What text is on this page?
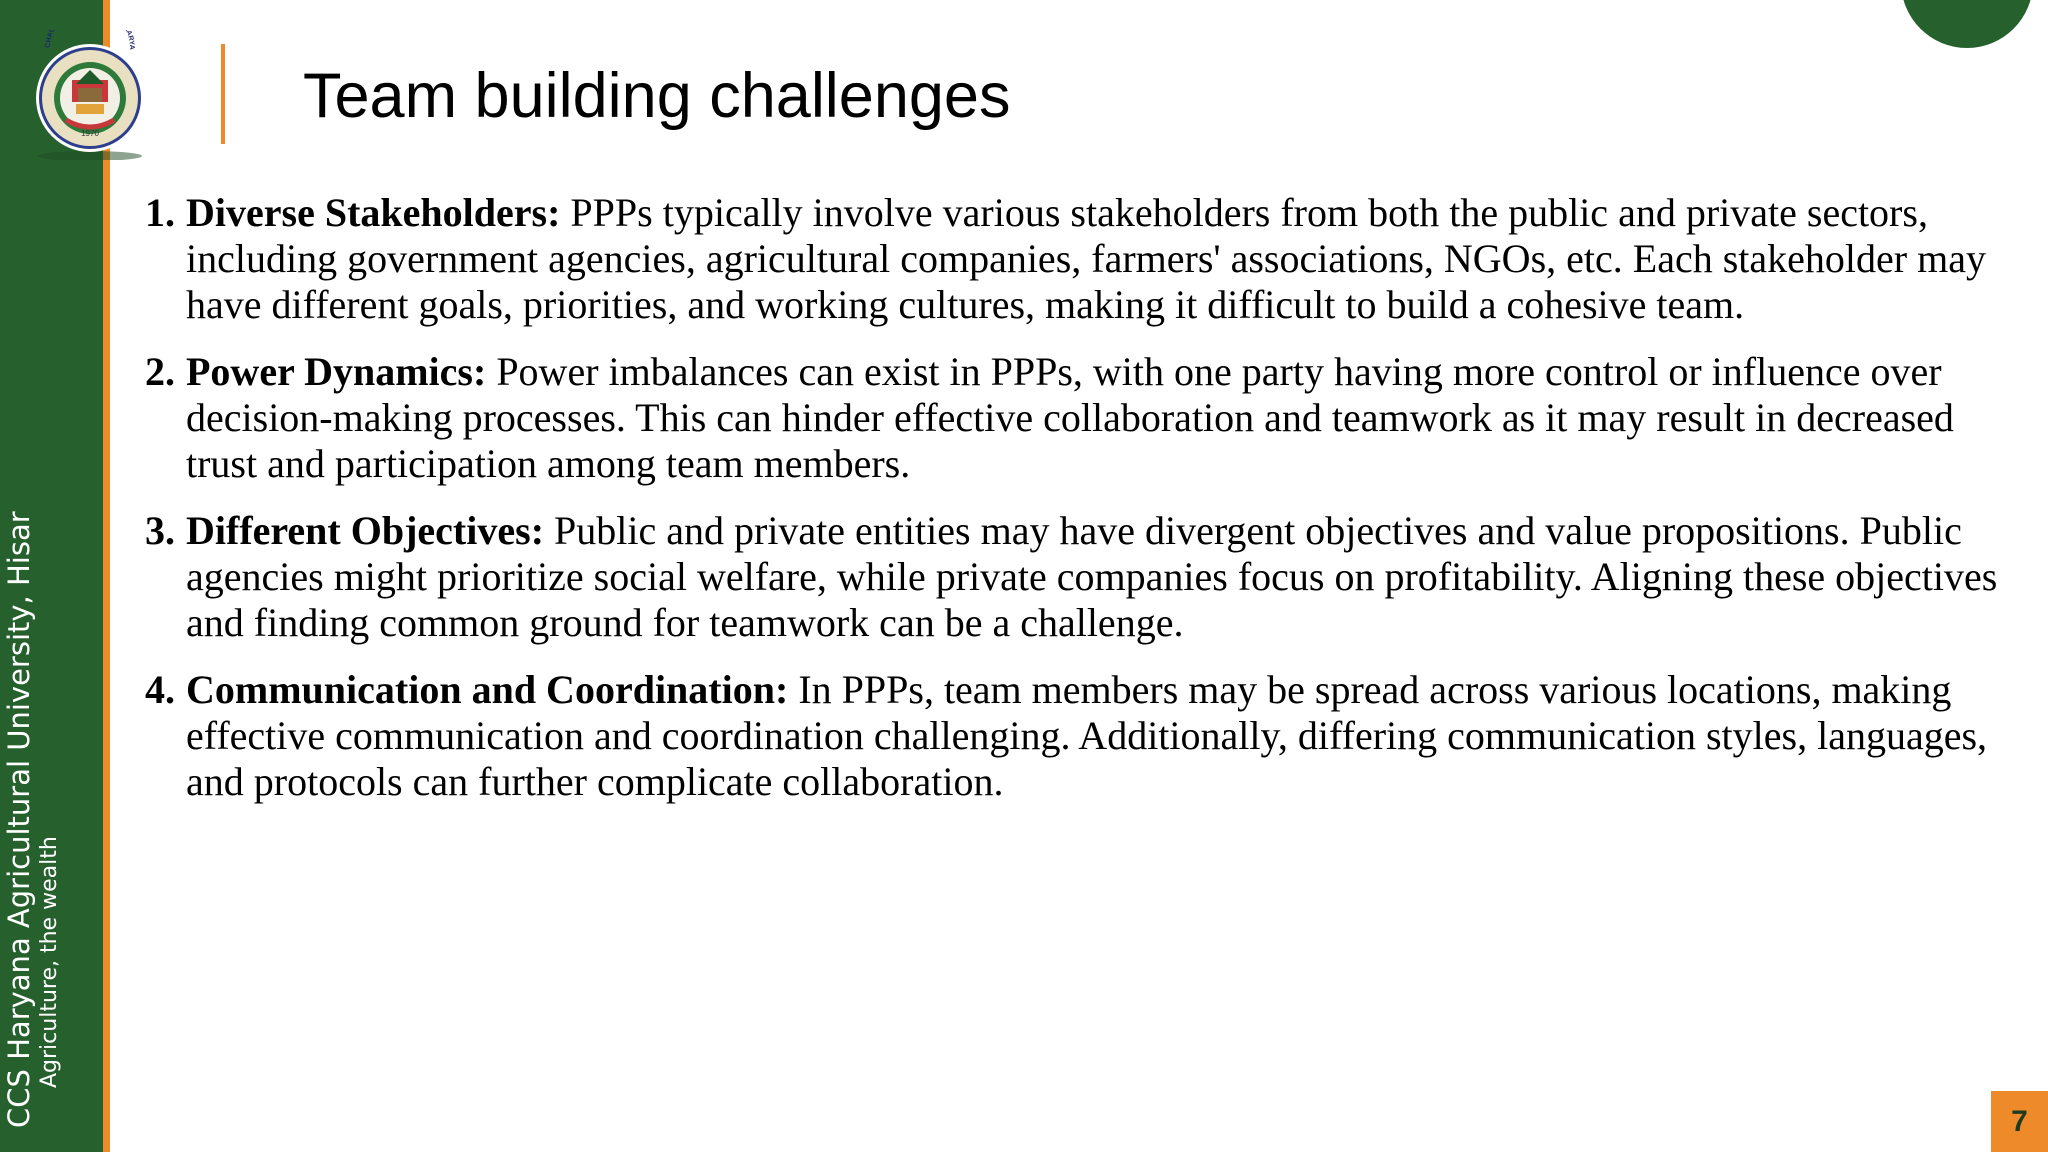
1970
CHAU ARYA
CCS Haryana Agricultural University, Hisar Agriculture, the wealth
Team building challenges
1. Diverse Stakeholders: PPPs typically involve various stakeholders from both the public and private sectors, including government agencies, agricultural companies, farmers' associations, NGOs, etc. Each stakeholder may have different goals, priorities, and working cultures, making it difficult to build a cohesive team.
2. Power Dynamics: Power imbalances can exist in PPPs, with one party having more control or influence over decision-making processes. This can hinder effective collaboration and teamwork as it may result in decreased trust and participation among team members.
3. Different Objectives: Public and private entities may have divergent objectives and value propositions. Public agencies might prioritize social welfare, while private companies focus on profitability. Aligning these objectives and finding common ground for teamwork can be a challenge.
4. Communication and Coordination: In PPPs, team members may be spread across various locations, making effective communication and coordination challenging. Additionally, differing communication styles, languages, and protocols can further complicate collaboration.
7
